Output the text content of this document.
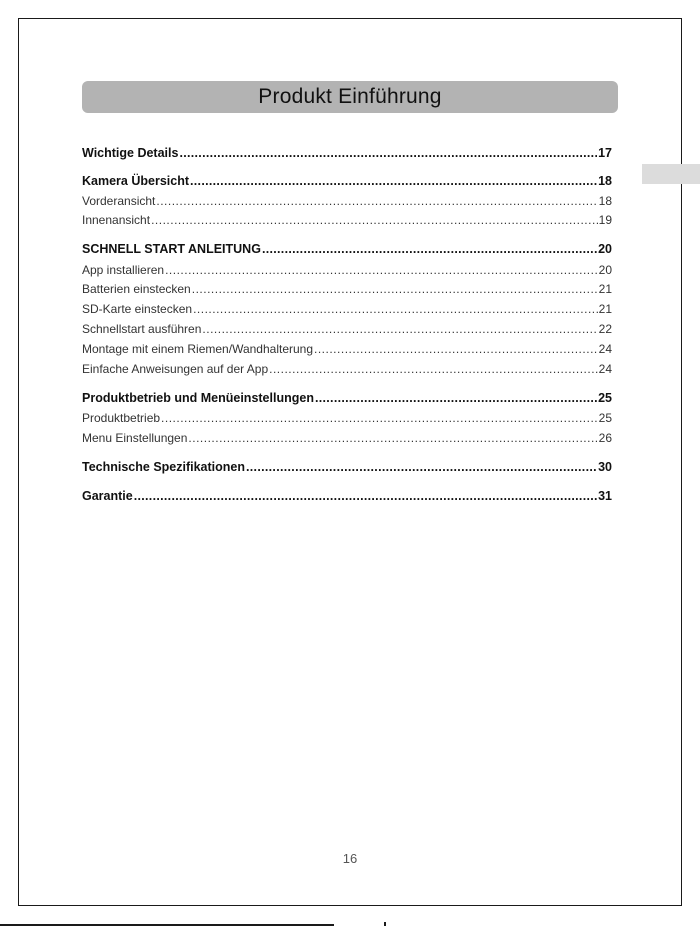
Produkt Einführung
Wichtige Details .....	17
Kamera Übersicht .....	18
Vorderansicht .....	18
Innenansicht .....	19
SCHNELL START ANLEITUNG .....	20
App installieren .....	20
Batterien einstecken .....	21
SD-Karte einstecken .....	21
Schnellstart ausführen .....	22
Montage mit einem Riemen/Wandhalterung .....	24
Einfache Anweisungen auf der App .....	24
Produktbetrieb und Menüeinstellungen .....	25
Produktbetrieb .....	25
Menu Einstellungen .....	26
Technische Spezifikationen .....	30
Garantie .....	31
16
